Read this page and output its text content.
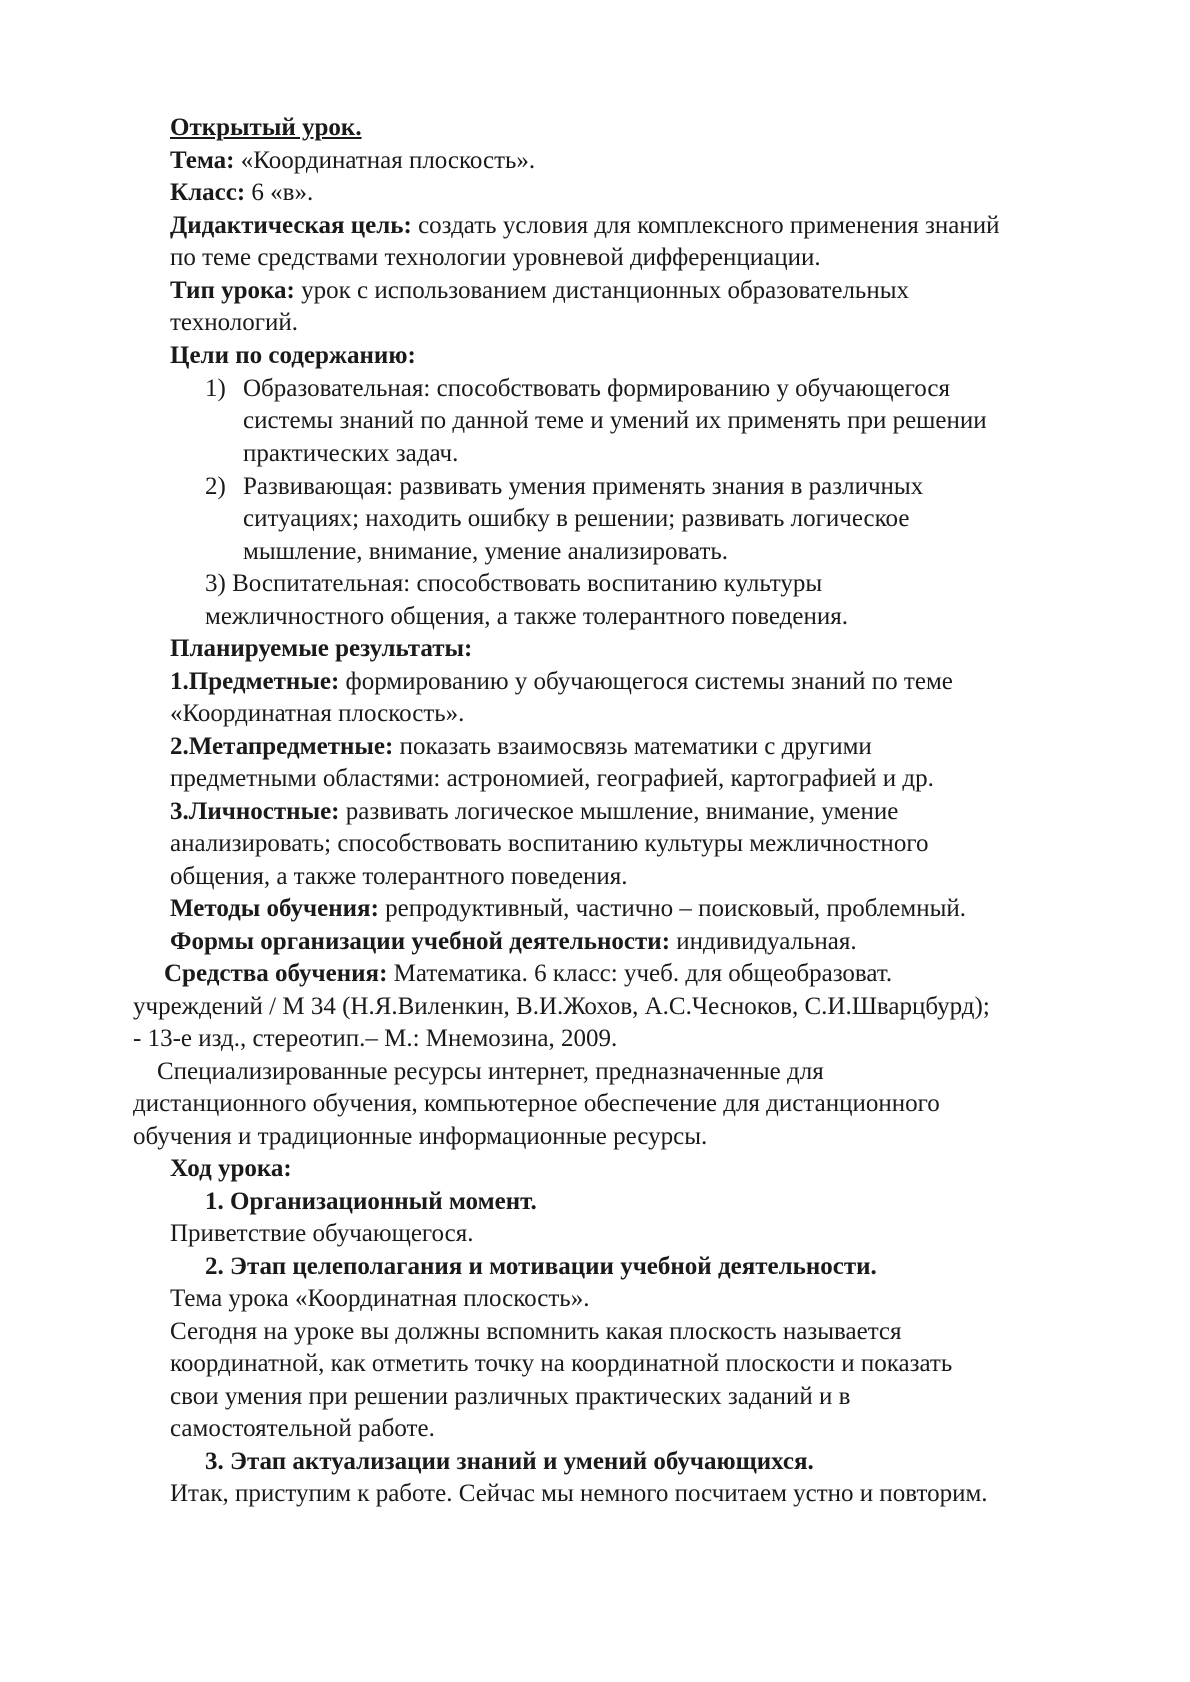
Открытый урок.
Тема: «Координатная плоскость».
Класс: 6 «в».
Дидактическая цель: создать условия для комплексного применения знаний
по теме средствами технологии уровневой дифференциации.
Тип урока: урок с использованием дистанционных образовательных
технологий.
Цели по содержанию:
1) Образовательная: способствовать формированию у обучающегося
системы знаний по данной теме и умений их применять при решении
практических задач.
2) Развивающая: развивать умения применять знания в различных
ситуациях; находить ошибку в решении; развивать логическое
мышление, внимание, умение анализировать.
3) Воспитательная: способствовать воспитанию культуры
межличностного общения, а также толерантного поведения.
Планируемые результаты:
1.Предметные: формированию у обучающегося системы знаний по теме
«Координатная плоскость».
2.Метапредметные: показать взаимосвязь математики с другими
предметными областями: астрономией, географией, картографией и др.
3.Личностные: развивать логическое мышление, внимание, умение
анализировать; способствовать воспитанию культуры межличностного
общения, а также толерантного поведения.
Методы обучения: репродуктивный, частично – поисковый, проблемный.
Формы организации учебной деятельности: индивидуальная.
Средства обучения: Математика. 6 класс: учеб. для общеобразоват.
учреждений / М 34 (Н.Я.Виленкин, В.И.Жохов, А.С.Чесноков, С.И.Шварцбурд);
- 13-е изд., стереотип.– М.: Мнемозина, 2009.
Специализированные ресурсы интернет, предназначенные для
дистанционного обучения, компьютерное обеспечение для дистанционного
обучения и традиционные информационные ресурсы.
Ход урока:
1. Организационный момент.
Приветствие обучающегося.
2. Этап целеполагания и мотивации учебной деятельности.
Тема урока «Координатная плоскость».
Сегодня на уроке вы должны вспомнить какая плоскость называется
координатной, как отметить точку на координатной плоскости и показать
свои умения при решении различных практических заданий и в
самостоятельной работе.
3. Этап актуализации знаний и умений обучающихся.
Итак, приступим к работе. Сейчас мы немного посчитаем устно и повторим.
